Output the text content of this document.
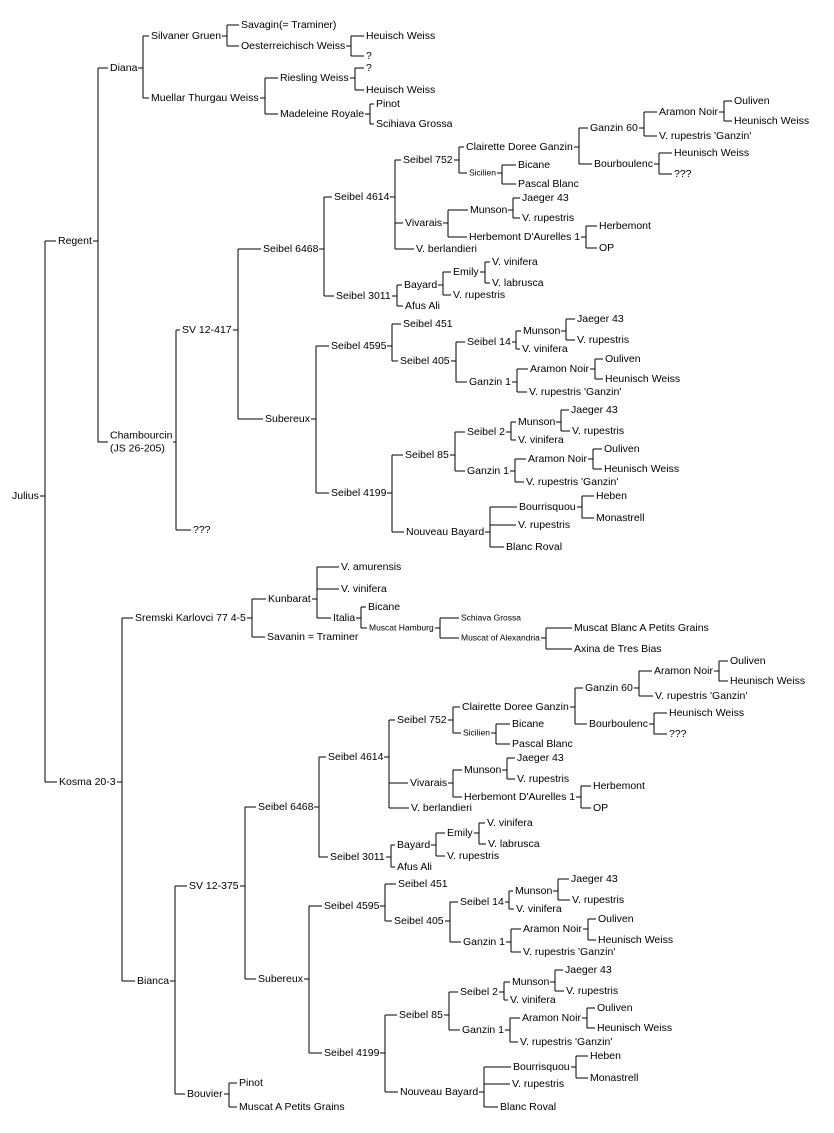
Julius
Regent
Diana
Silvaner Gruen
Savagin(= Traminer)
Oesterreichisch Weiss
Heuisch Weiss
?
Muellar Thurgau Weiss
Riesling Weiss
?
Heuisch Weiss
Madeleine Royale
Pinot
Scihiava Grossa
Chambourcin
(JS 26-205)
SV 12-417
Seibel 6468
Seibel 4614
Seibel 752
Clairette Doree Ganzin
Ganzin 60
Aramon Noir
Ouliven
Heunisch Weiss
V. rupestris 'Ganzin'
Bourboulenc
Heunisch Weiss
???
Sicilien
Bicane
Pascal Blanc
Vivarais
Munson
Jaeger 43
V. rupestris
Herbemont D'Aurelles 1
Herbemont
OP
V. berlandieri
Seibel 3011
Bayard
Emily
V. vinifera
V. labrusca
V. rupestris
Afus Ali
Subereux
Seibel 4595
Seibel 451
Seibel 405
Seibel 14
Munson
Jaeger 43
V. rupestris
V. vinifera
Ganzin 1
Aramon Noir
Ouliven
Heunisch Weiss
V. rupestris 'Ganzin'
Seibel 4199
Seibel 85
Seibel 2
Munson
Jaeger 43
V. rupestris
V. vinifera
Ganzin 1
Aramon Noir
Ouliven
Heunisch Weiss
V. rupestris 'Ganzin'
Nouveau Bayard
Bourrisquou
Heben
Monastrell
V. rupestris
Blanc Roval
???
Kosma 20-3
Sremski Karlovci 77 4-5
Kunbarat
V. amurensis
V. vinifera
Italia
Bicane
Muscat Hamburg
Schiava Grossa
Muscat of Alexandria
Muscat Blanc A Petits Grains
Axina de Tres Bias
Savanin = Traminer
Bianca
SV 12-375
Seibel 6468
Seibel 4614
Seibel 752
Clairette Doree Ganzin
Ganzin 60
Aramon Noir
Ouliven
Heunisch Weiss
V. rupestris 'Ganzin'
Bourboulenc
Heunisch Weiss
???
Sicilien
Bicane
Pascal Blanc
Vivarais
Munson
Jaeger 43
V. rupestris
Herbemont D'Aurelles 1
Herbemont
OP
V. berlandieri
Seibel 3011
Bayard
Emily
V. vinifera
V. labrusca
V. rupestris
Afus Ali
Subereux
Seibel 4595
Seibel 451
Seibel 405
Seibel 14
Munson
Jaeger 43
V. rupestris
V. vinifera
Ganzin 1
Aramon Noir
Ouliven
Heunisch Weiss
V. rupestris 'Ganzin'
Seibel 4199
Seibel 85
Seibel 2
Munson
Jaeger 43
V. rupestris
V. vinifera
Ganzin 1
Aramon Noir
Ouliven
Heunisch Weiss
V. rupestris 'Ganzin'
Nouveau Bayard
Bourrisquou
Heben
Monastrell
V. rupestris
Blanc Roval
Bouvier
Pinot
Muscat A Petits Grains
